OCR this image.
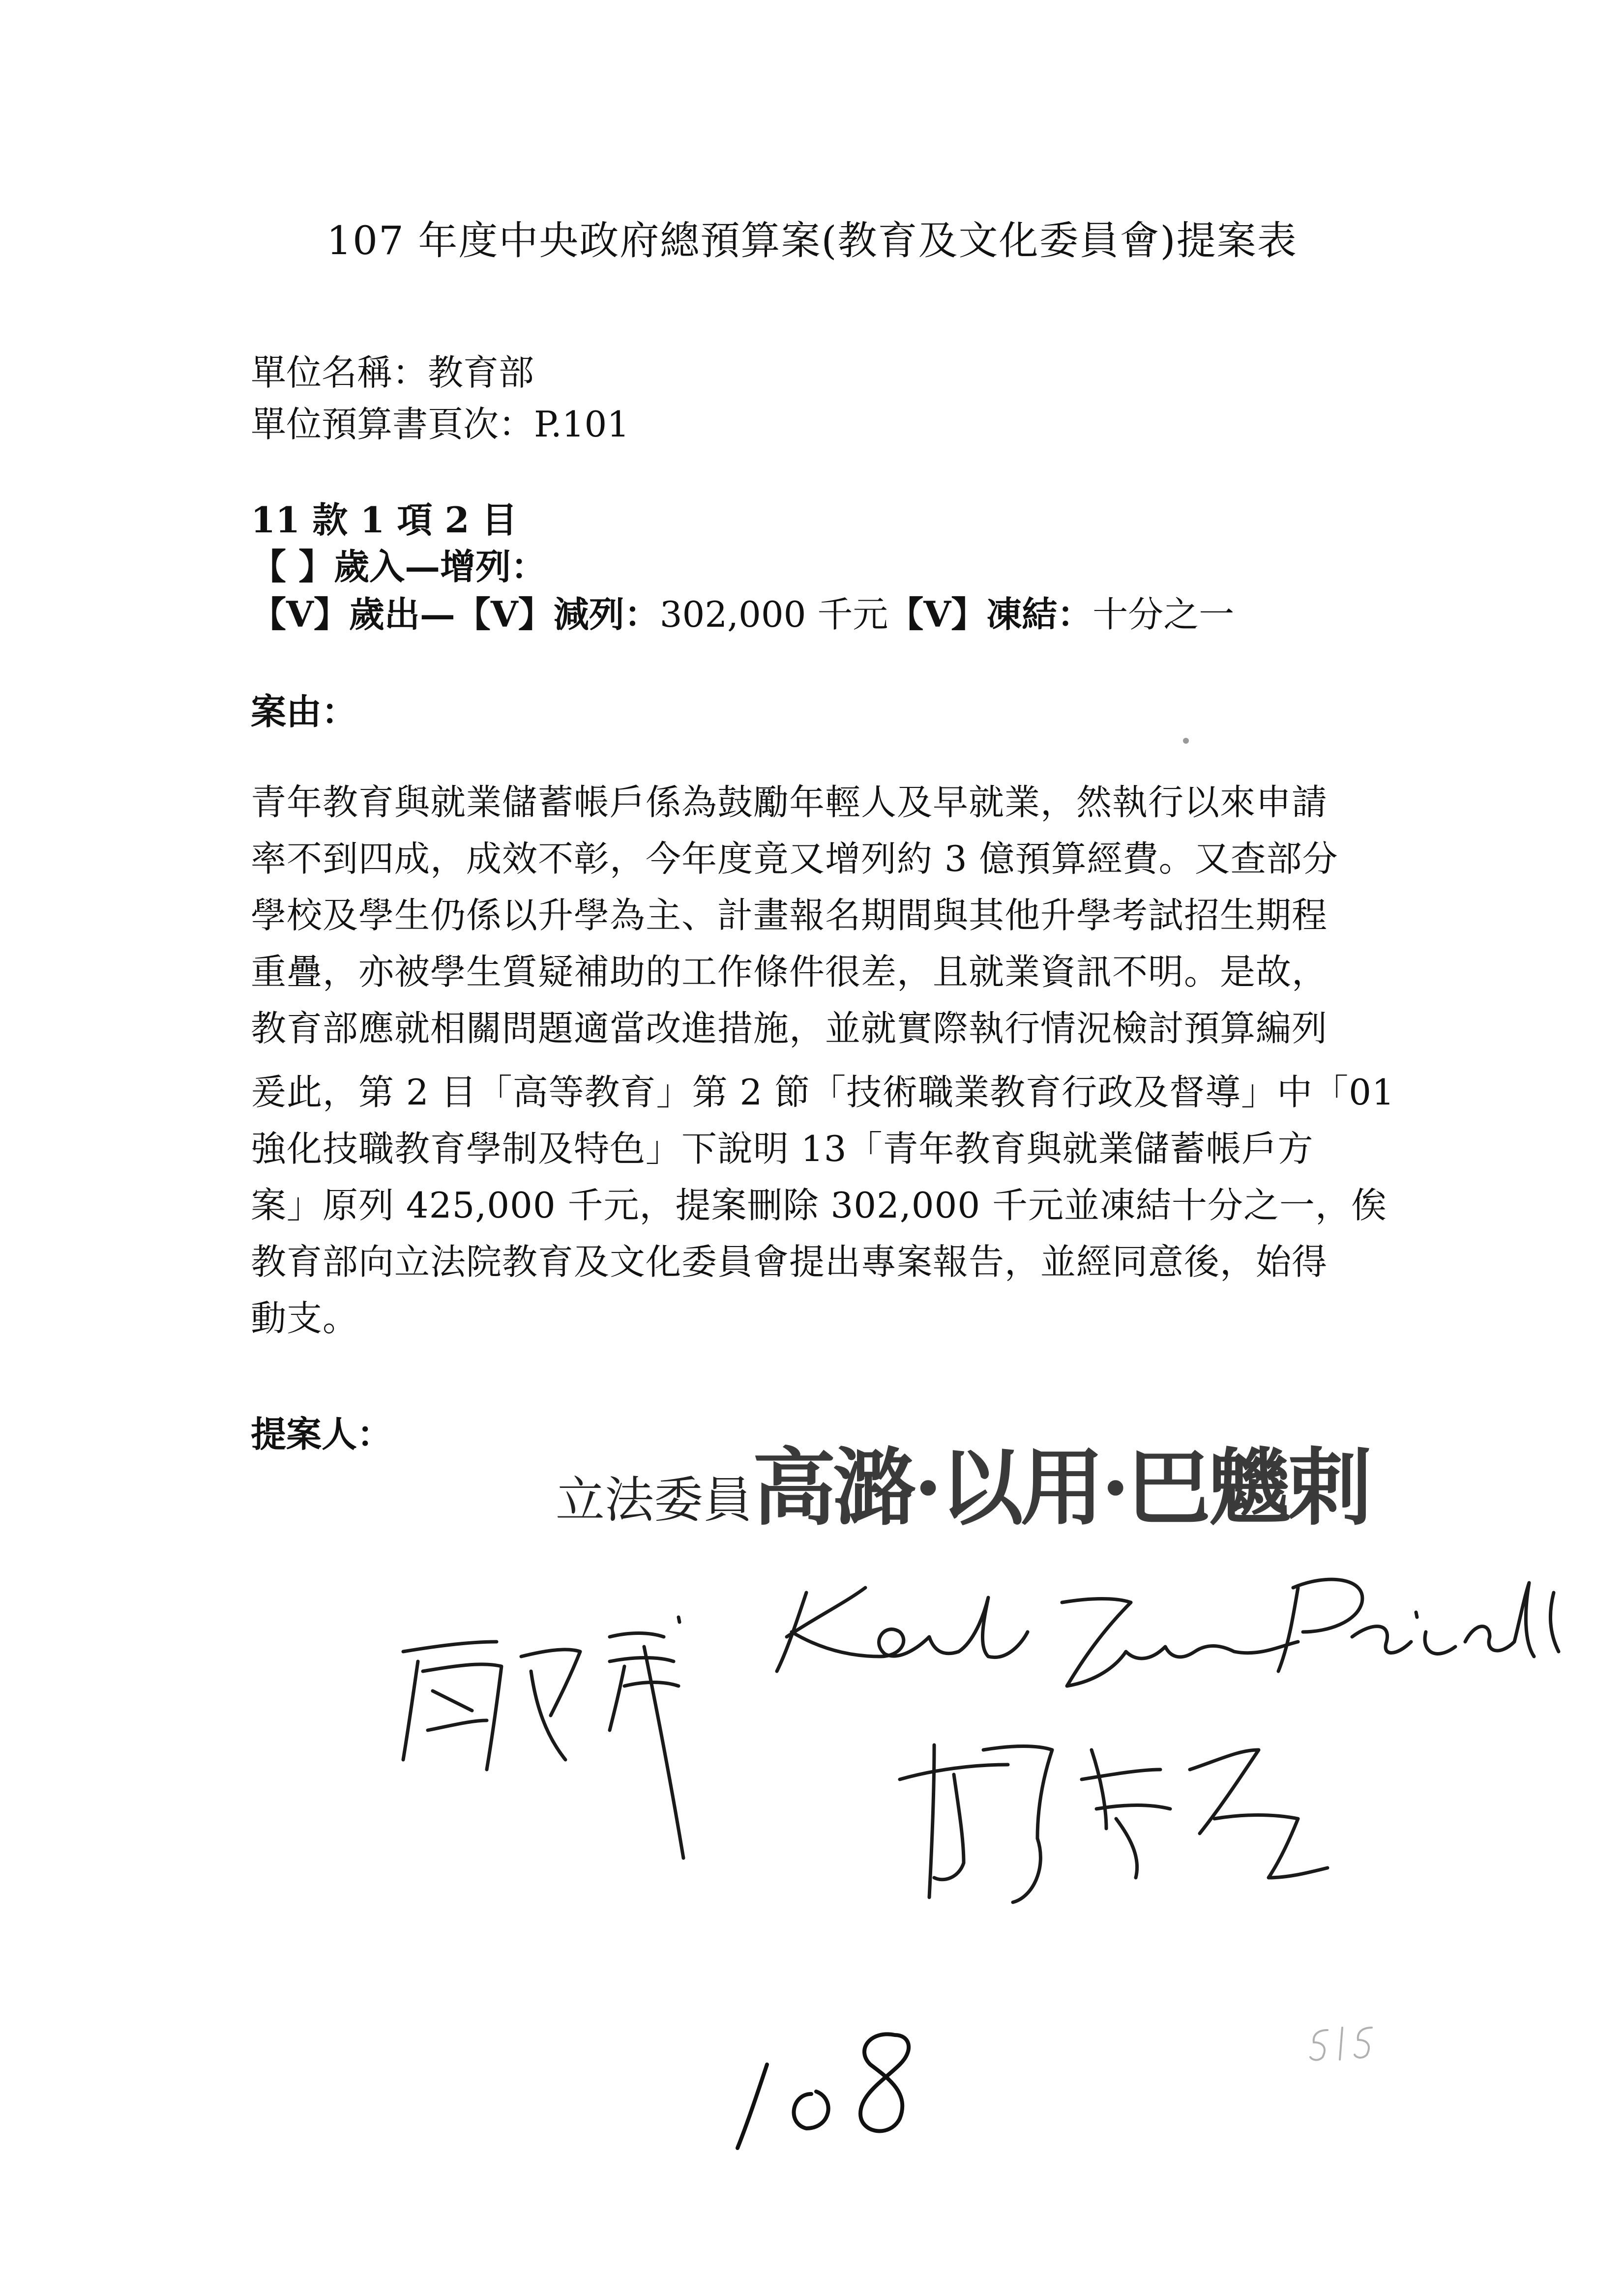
107 年度中央政府總預算案(教育及文化委員會)提案表
單位名稱：教育部
單位預算書頁次：P.101
11 款 1 項 2 目
【 】歲入—增列：
【V】歲出—【V】減列：302,000 千元【V】凍結：十分之一
案由：
青年教育與就業儲蓄帳戶係為鼓勵年輕人及早就業，然執行以來申請
率不到四成，成效不彰，今年度竟又增列約 3 億預算經費。又查部分
學校及學生仍係以升學為主、計畫報名期間與其他升學考試招生期程
重疊，亦被學生質疑補助的工作條件很差，且就業資訊不明。是故，
教育部應就相關問題適當改進措施，並就實際執行情況檢討預算編列
爰此，第 2 目「高等教育」第 2 節「技術職業教育行政及督導」中「01
強化技職教育學制及特色」下說明 13「青年教育與就業儲蓄帳戶方
案」原列 425,000 千元，提案刪除 302,000 千元並凍結十分之一，俟
教育部向立法院教育及文化委員會提出專案報告，並經同意後，始得
動支。
提案人：
立法委員高潞·以用·巴魕剌
